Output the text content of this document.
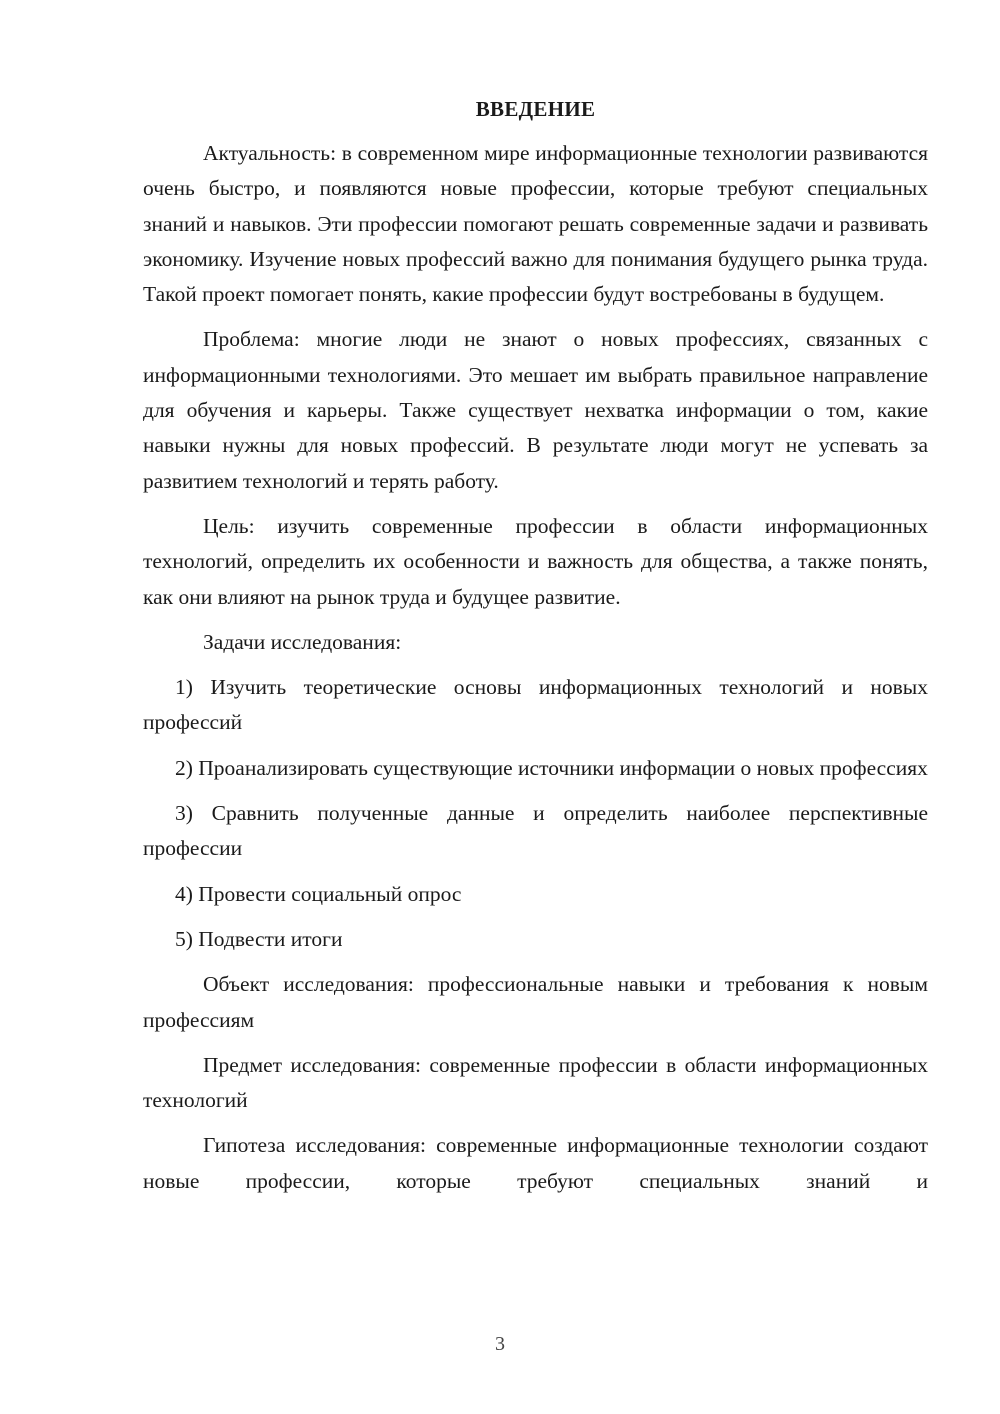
ВВЕДЕНИЕ

Актуальность: в современном мире информационные технологии развиваются очень быстро, и появляются новые профессии, которые требуют специальных знаний и навыков. Эти профессии помогают решать современные задачи и развивать экономику. Изучение новых профессий важно для понимания будущего рынка труда. Такой проект помогает понять, какие профессии будут востребованы в будущем.

Проблема: многие люди не знают о новых профессиях, связанных с информационными технологиями. Это мешает им выбрать правильное направление для обучения и карьеры. Также существует нехватка информации о том, какие навыки нужны для новых профессий. В результате люди могут не успевать за развитием технологий и терять работу.

Цель: изучить современные профессии в области информационных технологий, определить их особенности и важность для общества, а также понять, как они влияют на рынок труда и будущее развитие.

Задачи исследования:

1) Изучить теоретические основы информационных технологий и новых профессий

2) Проанализировать существующие источники информации о новых профессиях

3) Сравнить полученные данные и определить наиболее перспективные профессии

4) Провести социальный опрос

5) Подвести итоги

Объект исследования: профессиональные навыки и требования к новым профессиям

Предмет исследования: современные профессии в области информационных технологий

Гипотеза исследования: современные информационные технологии создают новые профессии, которые требуют специальных знаний и

3
